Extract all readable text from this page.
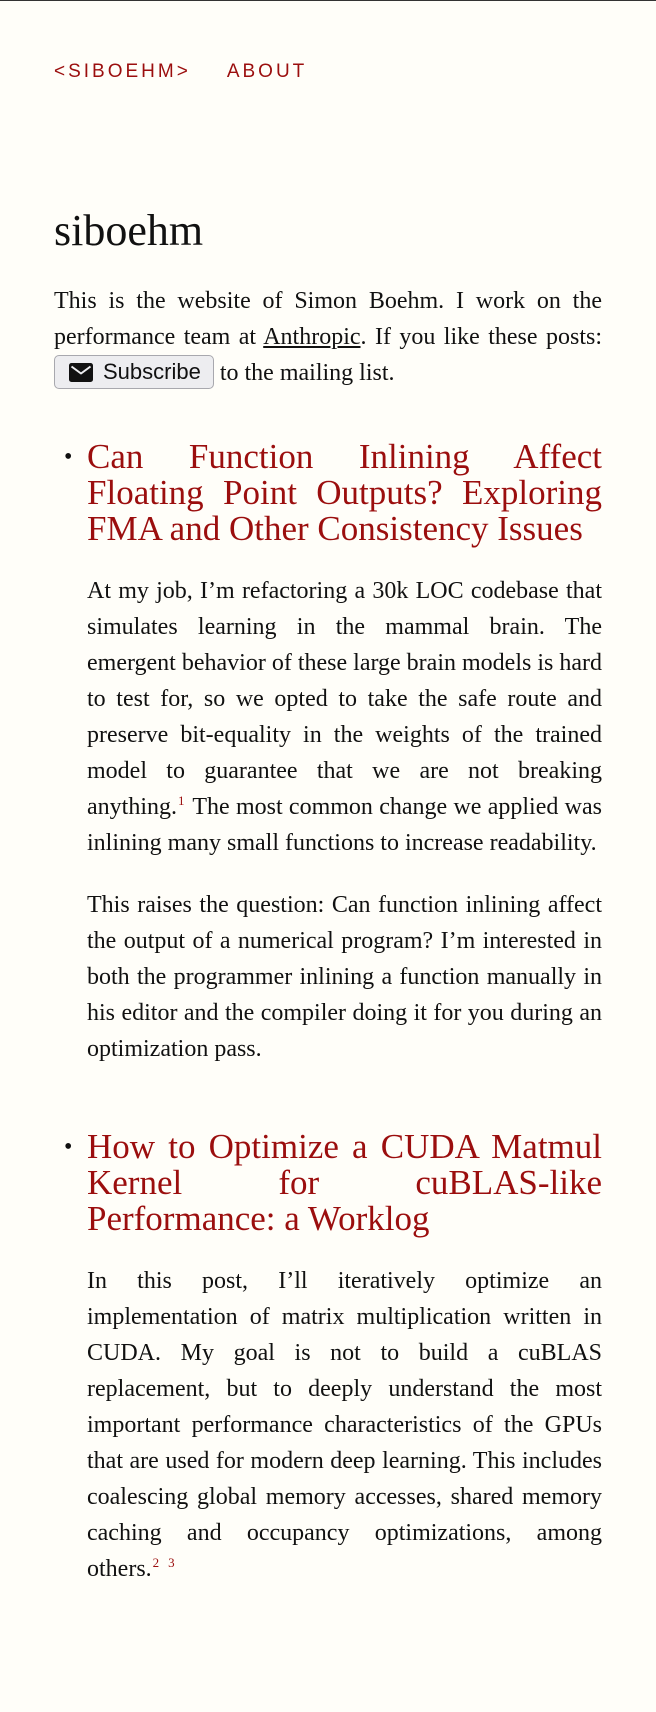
<SIBOEHM> ABOUT
siboehm

This is the website of Simon Boehm. I work on the performance team at Anthropic. If you like these posts:
Subscribe to the mailing list.

• Can Function Inlining Affect Floating Point Outputs? Exploring FMA and Other Consistency Issues

At my job, I’m refactoring a 30k LOC codebase that simulates learning in the mammal brain. The emergent behavior of these large brain models is hard to test for, so we opted to take the safe route and preserve bit-equality in the weights of the trained model to guarantee that we are not breaking anything.$^1$ The most common change we applied was inlining many small functions to increase readability.

This raises the question: Can function inlining affect the output of a numerical program? I’m interested in both the programmer inlining a function manually in his editor and the compiler doing it for you during an optimization pass.

• How to Optimize a CUDA Matmul Kernel for cuBLAS-like Performance: a Worklog

In this post, I’ll iteratively optimize an implementation of matrix multiplication written in CUDA. My goal is not to build a cuBLAS replacement, but to deeply understand the most important performance characteristics of the GPUs that are used for modern deep learning. This includes coalescing global memory accesses, shared memory caching and occupancy optimizations, among others.$^2$ $^3$
